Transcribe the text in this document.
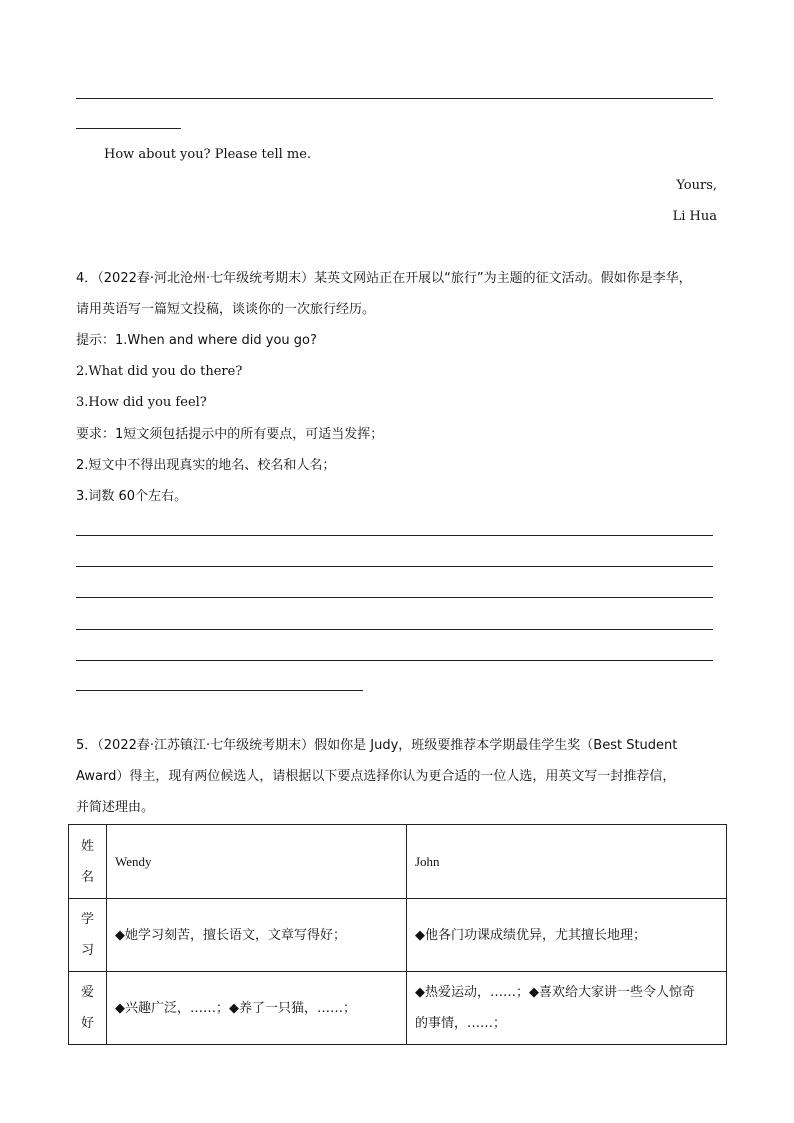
How about you? Please tell me.
Yours,
Li Hua
4．（2022春·河北沧州·七年级统考期末）某英文网站正在开展以“旅行”为主题的征文活动。假如你是李华，
请用英语写一篇短文投稿，谈谈你的一次旅行经历。
提示：1.When and where did you go?
2.What did you do there?
3.How did you feel?
要求：1短文须包括提示中的所有要点，可适当发挥；
2.短文中不得出现真实的地名、校名和人名；
3.词数 60个左右。
5．（2022春·江苏镇江·七年级统考期末）假如你是 Judy，班级要推荐本学期最佳学生奖（Best Student
Award）得主，现有两位候选人，请根据以下要点选择你认为更合适的一位人选，用英文写一封推荐信，
并简述理由。
姓
名	Wendy	John

学
习	◆她学习刻苦，擅长语文，文章写得好；	◆他各门功课成绩优异，尤其擅长地理；

爱
好	◆兴趣广泛，……；◆养了一只猫，……；	◆热爱运动，……；◆喜欢给大家讲一些令人惊奇
的事情，……；
